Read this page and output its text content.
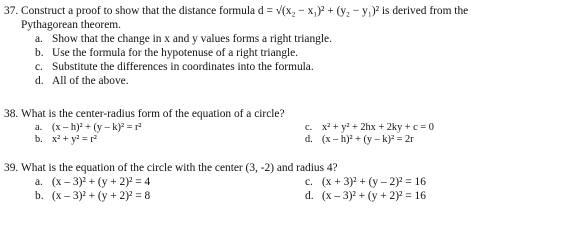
37. Construct a proof to show that the distance formula d = √(x₂ − x₁)² + (y₂ − y₁)² is derived from the
Pythagorean theorem.
a. Show that the change in x and y values forms a right triangle.
b. Use the formula for the hypotenuse of a right triangle.
c. Substitute the differences in coordinates into the formula.
d. All of the above.
38. What is the center-radius form of the equation of a circle?
a. (x – h)² + (y – k)² = r²	c. x² + y² + 2hx + 2ky + c = 0
b. x² + y² = r²	d. (x – h)² + (y – k)² = 2r
39. What is the equation of the circle with the center (3, -2) and radius 4?
a. (x – 3)² + (y + 2)² = 4	c. (x + 3)² + (y – 2)² = 16
b. (x – 3)² + (y + 2)² = 8	d. (x – 3)² + (y + 2)² = 16
